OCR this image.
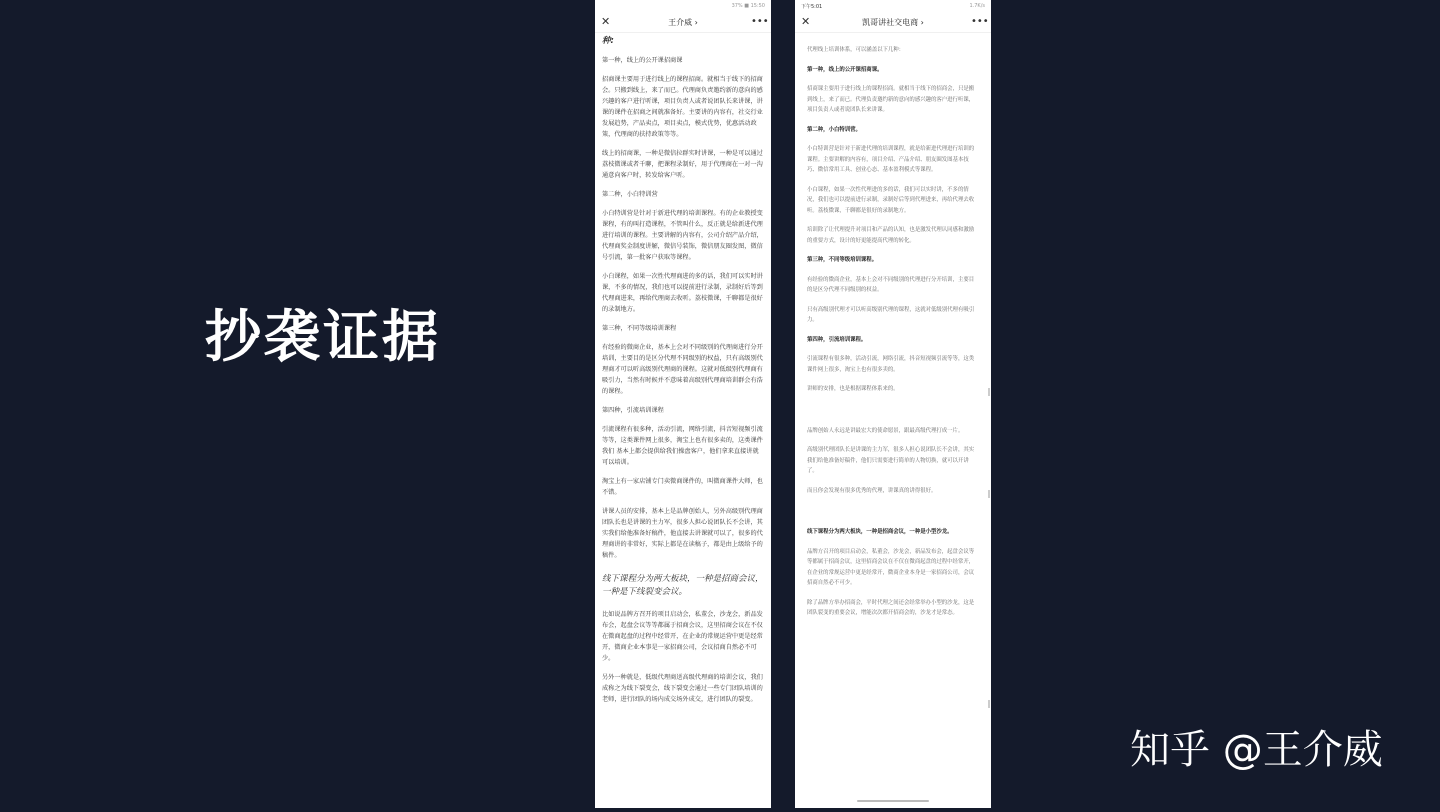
抄袭证据
知乎 @王介威
37% ■ 15:50
✕	王介威 ›	•••
种:
第一种，线上的公开课招商课
招商课主要用于进行线上的课程招商。就相当于线下的招商会。只搬到线上，来了而已。代理商负责邀约新的意向的感兴趣的客户进行听课，项目负责人或者说团队长来讲课，讲课的课件在招商之间就准备好。主要讲的内容有，社交行业发展趋势，产品卖点，项目卖点，模式优势，优惠活动政策，代理商的扶持政策等等。
线上的招商课，一种是微信拉群实时讲课，一种是可以通过荔枝微课或者千聊，把课程录制好，用于代理商在一对一沟通意向客户时，转发给客户听。
第二种，小白特训营
小白特训营是针对于新进代理的培训课程。有的企业教授变课程，有的叫打造课程，不管叫什么，反正就是给新进代理进行培训的课程。主要讲解的内容有，公司介绍产品介绍，代理商奖金制度讲解，微信号装饰，微信朋友圈发图，微信号引流，第一批客户获取等课程。
小白课程，如果一次性代理商进的多的话，我们可以实时讲课，不多的情况，我们也可以提前进行录制，录制好后等到代理商进来，再给代理商去收听。荔枝微课，千聊都是很好的录制地方。
第三种，不同等级培训课程
有经验的微商企业，基本上会对不同级别的代理商进行分开培训，主要目的是区分代理不同级别的权益，只有高级别代理商才可以听高级别代理商的课程。这就对低级别代理商有吸引力，当然有时候并不意味着高级别代理商培训群会有浩的课程。
第四种，引流培训课程
引流课程有很多种，活动引流，网络引流，抖音短视频引流等等，这类课件网上很多，淘宝上也有很多卖的，这类课件我们 基本上都会提供给我们操盘客户，他们拿来直接讲就可以培训。
淘宝上有一家店铺专门卖微商课件的，叫微商课件大师，也不错。
讲课人员的安排，基本上是品牌创始人，另外高级别代理商团队长也是讲课的主力军，很多人担心说团队长不会讲，其实我们给他准备好稿件，他直接去讲课就可以了，很多的代理商讲的非常好，实际上都是在读稿子，都是由上级给予的稿件。
线下课程分为两大板块，一种是招商会议，一种是下线裂变会议。
比如说品牌方召开的项目启动会，私董会，沙龙会，新品发布会，起盘会议等等都属于招商会议，这里招商会议在不仅在微商起盘的过程中经常开，在企业的常规运营中更是经常开，微商企业本事是一家招商公司，会议招商自然必不可少。
另外一种就是，低级代理商送高级代理商的培训会议，我们成称之为线下裂变会，线下裂变会通过一些专门团队培训的老师，进行团队的场内成交场外成交，进行团队的裂变。
下午5:01	1.7K/s
✕	凯哥讲社交电商 ›	•••
代理线上培训体系，可以涵盖以下几种：
第一种，线上的公开课招商课。
招商课主要用于进行线上的课程招商。就相当于线下的招商会，只是搬到线上，来了而已。代理负责邀约新的意向的感兴趣的客户进行听课，项目负责人或者说团队长来讲课。
第二种，小白特训营。
小白特训营是针对于新进代理的培训课程，就是给新进代理进行培训的课程。主要讲解的内容有，项目介绍、产品介绍、朋友圈发图基本技巧、微信常用工具、创业心态、基本盈利模式等课程。
小白课程，如果一次性代理进的多的话，我们可以实时讲，不多的情况，我们也可以提前进行录制，录制好后等到代理进来，再给代理去收听。荔枝微课，千聊都是很好的录制地方。
培训除了让代理提升对项目和产品的认知，也是激发代理认同感和激励的重要方式，设计的好更能提高代理的转化。
第三种，不同等级培训课程。
有经验的微商企业，基本上会对不同级别的代理进行分开培训，主要目的是区分代理不同级别的权益。
只有高级别代理才可以听高级别代理的课程，这就对低级别代理有吸引力。
第四种，引流培训课程。
引流课程有很多种，活动引流，网络引流，抖音短视频引流等等，这类课件网上很多，淘宝上也有很多卖的。
讲师的安排，也是根据课程体系来的。
品牌创始人永远是讲最宏大的使命愿景，跟最高级代理打成一片。
高级别代理团队长是讲课的主力军，很多人担心说团队长不会讲，其实我们给他准备好稿件，他们只需要进行简单的人物切换，就可以开讲了。
而且你会发现有很多优秀的代理，讲课真的讲得很好。
线下课程分为两大板块，一种是招商会议，一种是小型沙龙。
品牌方召开的项目启动会，私董会，沙龙会，新品发布会，起盘会议等等都属于招商会议，这里招商会议在不仅在微商起盘的过程中经常开，在企业的常规运营中更是经常开，微商企业本身是一家招商公司，会议招商自然必不可少。
除了品牌方举办招商会，平时代理之间还会经常举办小型的沙龙，这是团队裂变的重要会议，增能次次都开招商会的，沙龙才是常态。
